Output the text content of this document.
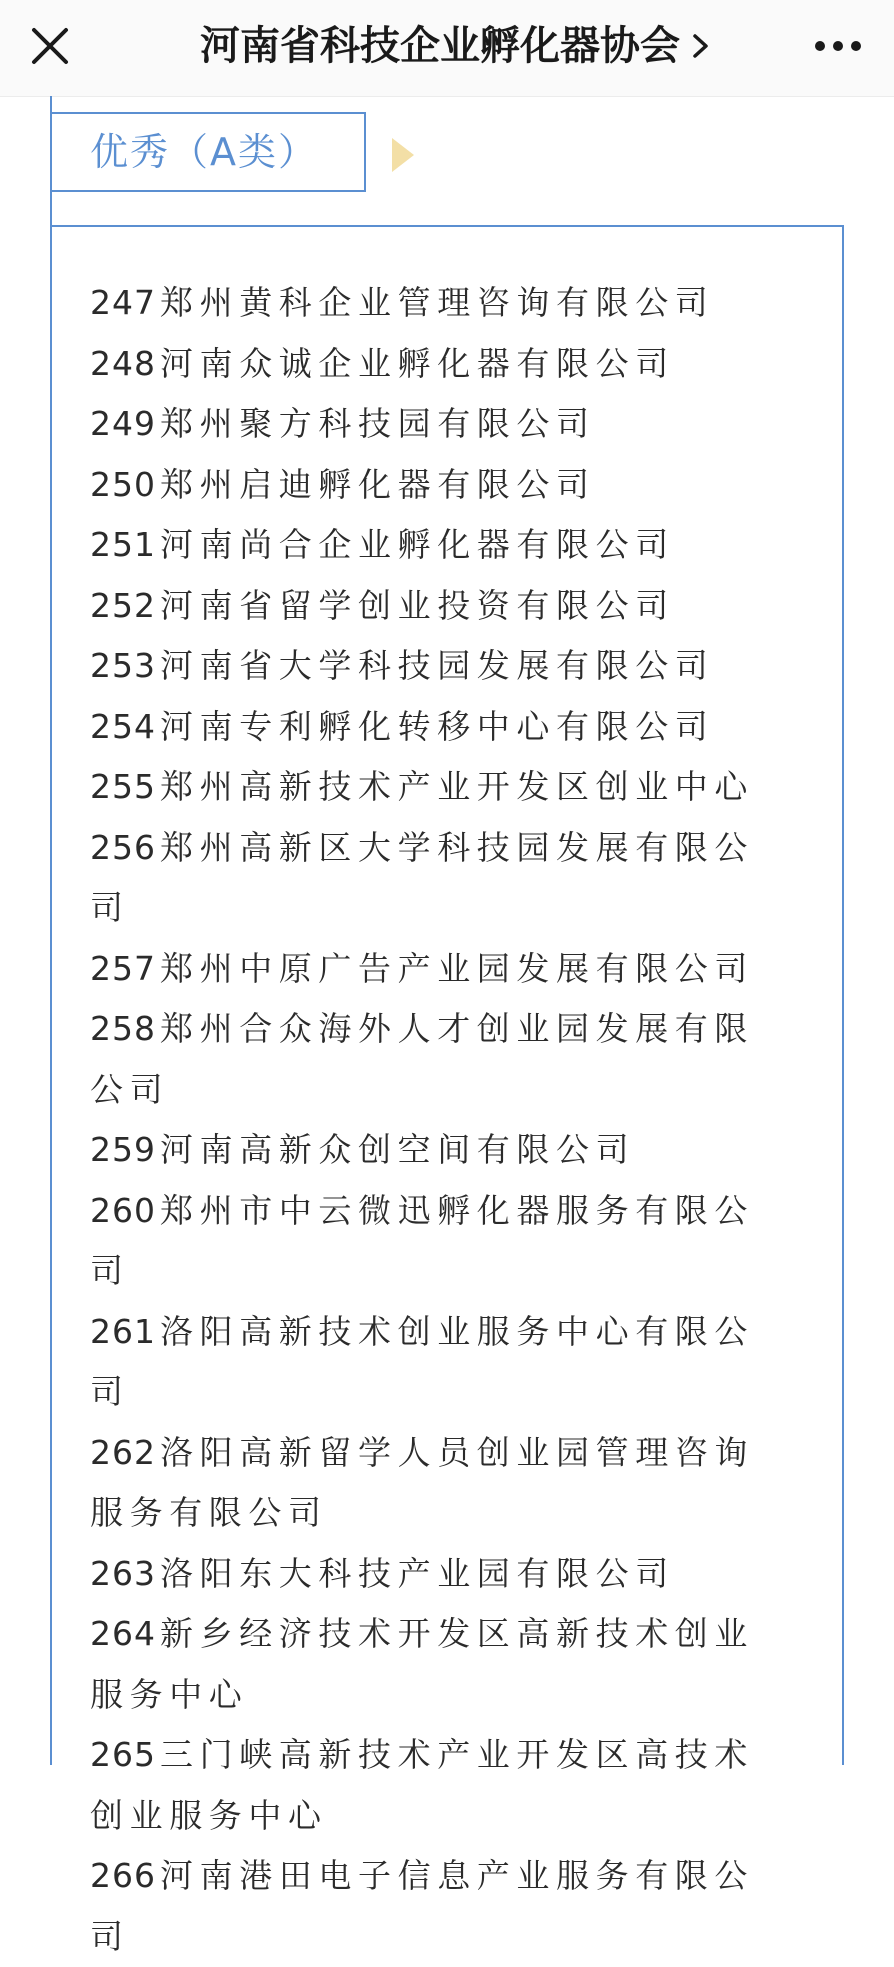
河南省科技企业孵化器协会
优秀（A类）
247 郑州黄科企业管理咨询有限公司
248 河南众诚企业孵化器有限公司
249 郑州聚方科技园有限公司
250 郑州启迪孵化器有限公司
251 河南尚合企业孵化器有限公司
252 河南省留学创业投资有限公司
253 河南省大学科技园发展有限公司
254 河南专利孵化转移中心有限公司
255 郑州高新技术产业开发区创业中心
256 郑州高新区大学科技园发展有限公司
257 郑州中原广告产业园发展有限公司
258 郑州合众海外人才创业园发展有限公司
259 河南高新众创空间有限公司
260 郑州市中云微迅孵化器服务有限公司
261 洛阳高新技术创业服务中心有限公司
262 洛阳高新留学人员创业园管理咨询服务有限公司
263 洛阳东大科技产业园有限公司
264 新乡经济技术开发区高新技术创业服务中心
265 三门峡高新技术产业开发区高技术创业服务中心
266 河南港田电子信息产业服务有限公司
